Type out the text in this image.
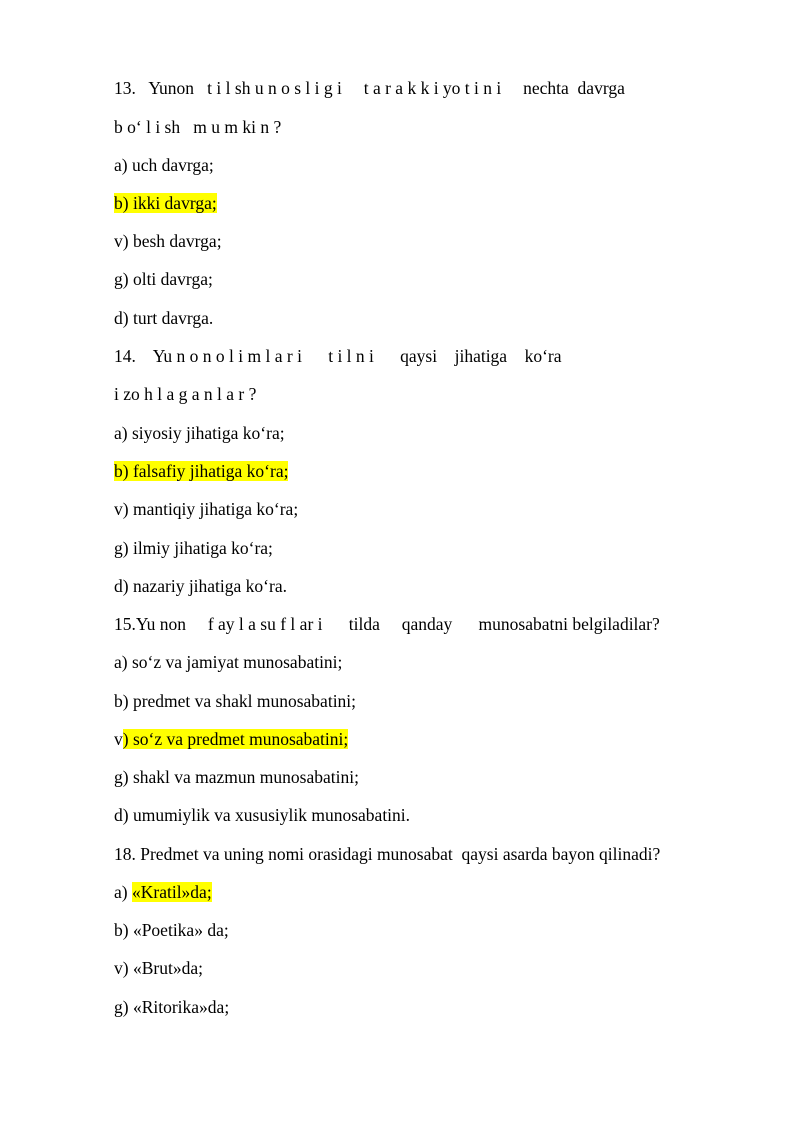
13.   Yunon   t i l sh u n o s l i g i     t a r a k k i yo t i n i     nechta  davrga
b o‘ l i sh   m u m ki n ?
a) uch davrga;
b) ikki davrga;
v) besh davrga;
g) olti davrga;
d) turt davrga.
14.    Yu n o n o l i m l a r i      t i l n i      qaysi    jihatiga    ko‘ra
i zo h l a g a n l a r ?
a) siyosiy jihatiga ko‘ra;
b) falsafiy jihatiga ko‘ra;
v) mantiqiy jihatiga ko‘ra;
g) ilmiy jihatiga ko‘ra;
d) nazariy jihatiga ko‘ra.
15.Yu non     f ay l a su f l ar i      tilda     qanday      munosabatni belgiladilar?
a) so‘z va jamiyat munosabatini;
b) predmet va shakl munosabatini;
v) so‘z va predmet munosabatini;
g) shakl va mazmun munosabatini;
d) umumiylik va xususiylik munosabatini.
18. Predmet va uning nomi orasidagi munosabat  qaysi asarda bayon qilinadi?
a) «Kratil»da;
b) «Poetika» da;
v) «Brut»da;
g) «Ritorika»da;
